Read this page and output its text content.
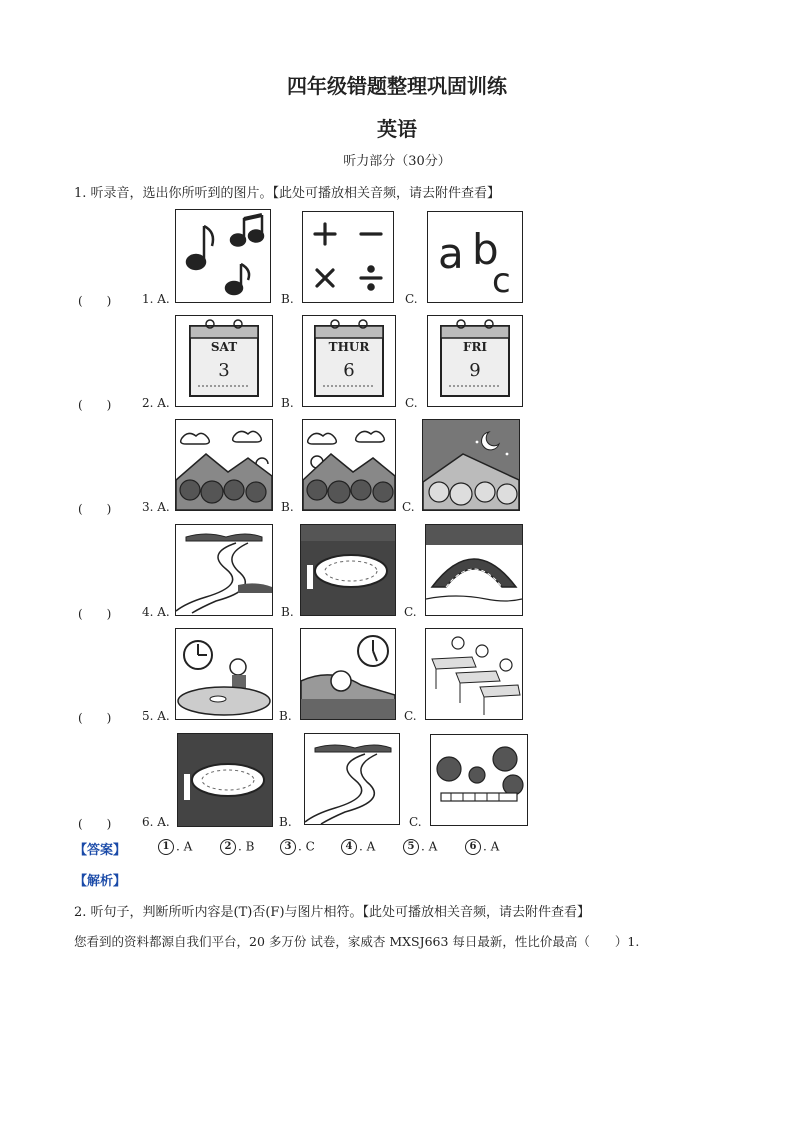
四年级错题整理巩固训练
英语
听力部分（30分）
1. 听录音，选出你所听到的图片。【此处可播放相关音频，请去附件查看】
a b
c
(　　)	1. A.	B.	C.
SAT
3
THUR
6
FRI
9
(　　)	2. A.	B.	C.
(　　)	3. A.	B.	C.
(　　)	4. A.	B.	C.
(　　)	5. A.	B.	C.
(　　)	6. A.	B.	C.
【答案】	1 . A	2 . B	3 . C	4 . A	5 . A	6 . A
【解析】
2. 听句子，判断所听内容是(T)否(F)与图片相符。【此处可播放相关音频，请去附件查看】
您看到的资料都源自我们平台，20 多万份 试卷，家威杏 MXSJ663 每日最新，性比价最高（　　）1.
